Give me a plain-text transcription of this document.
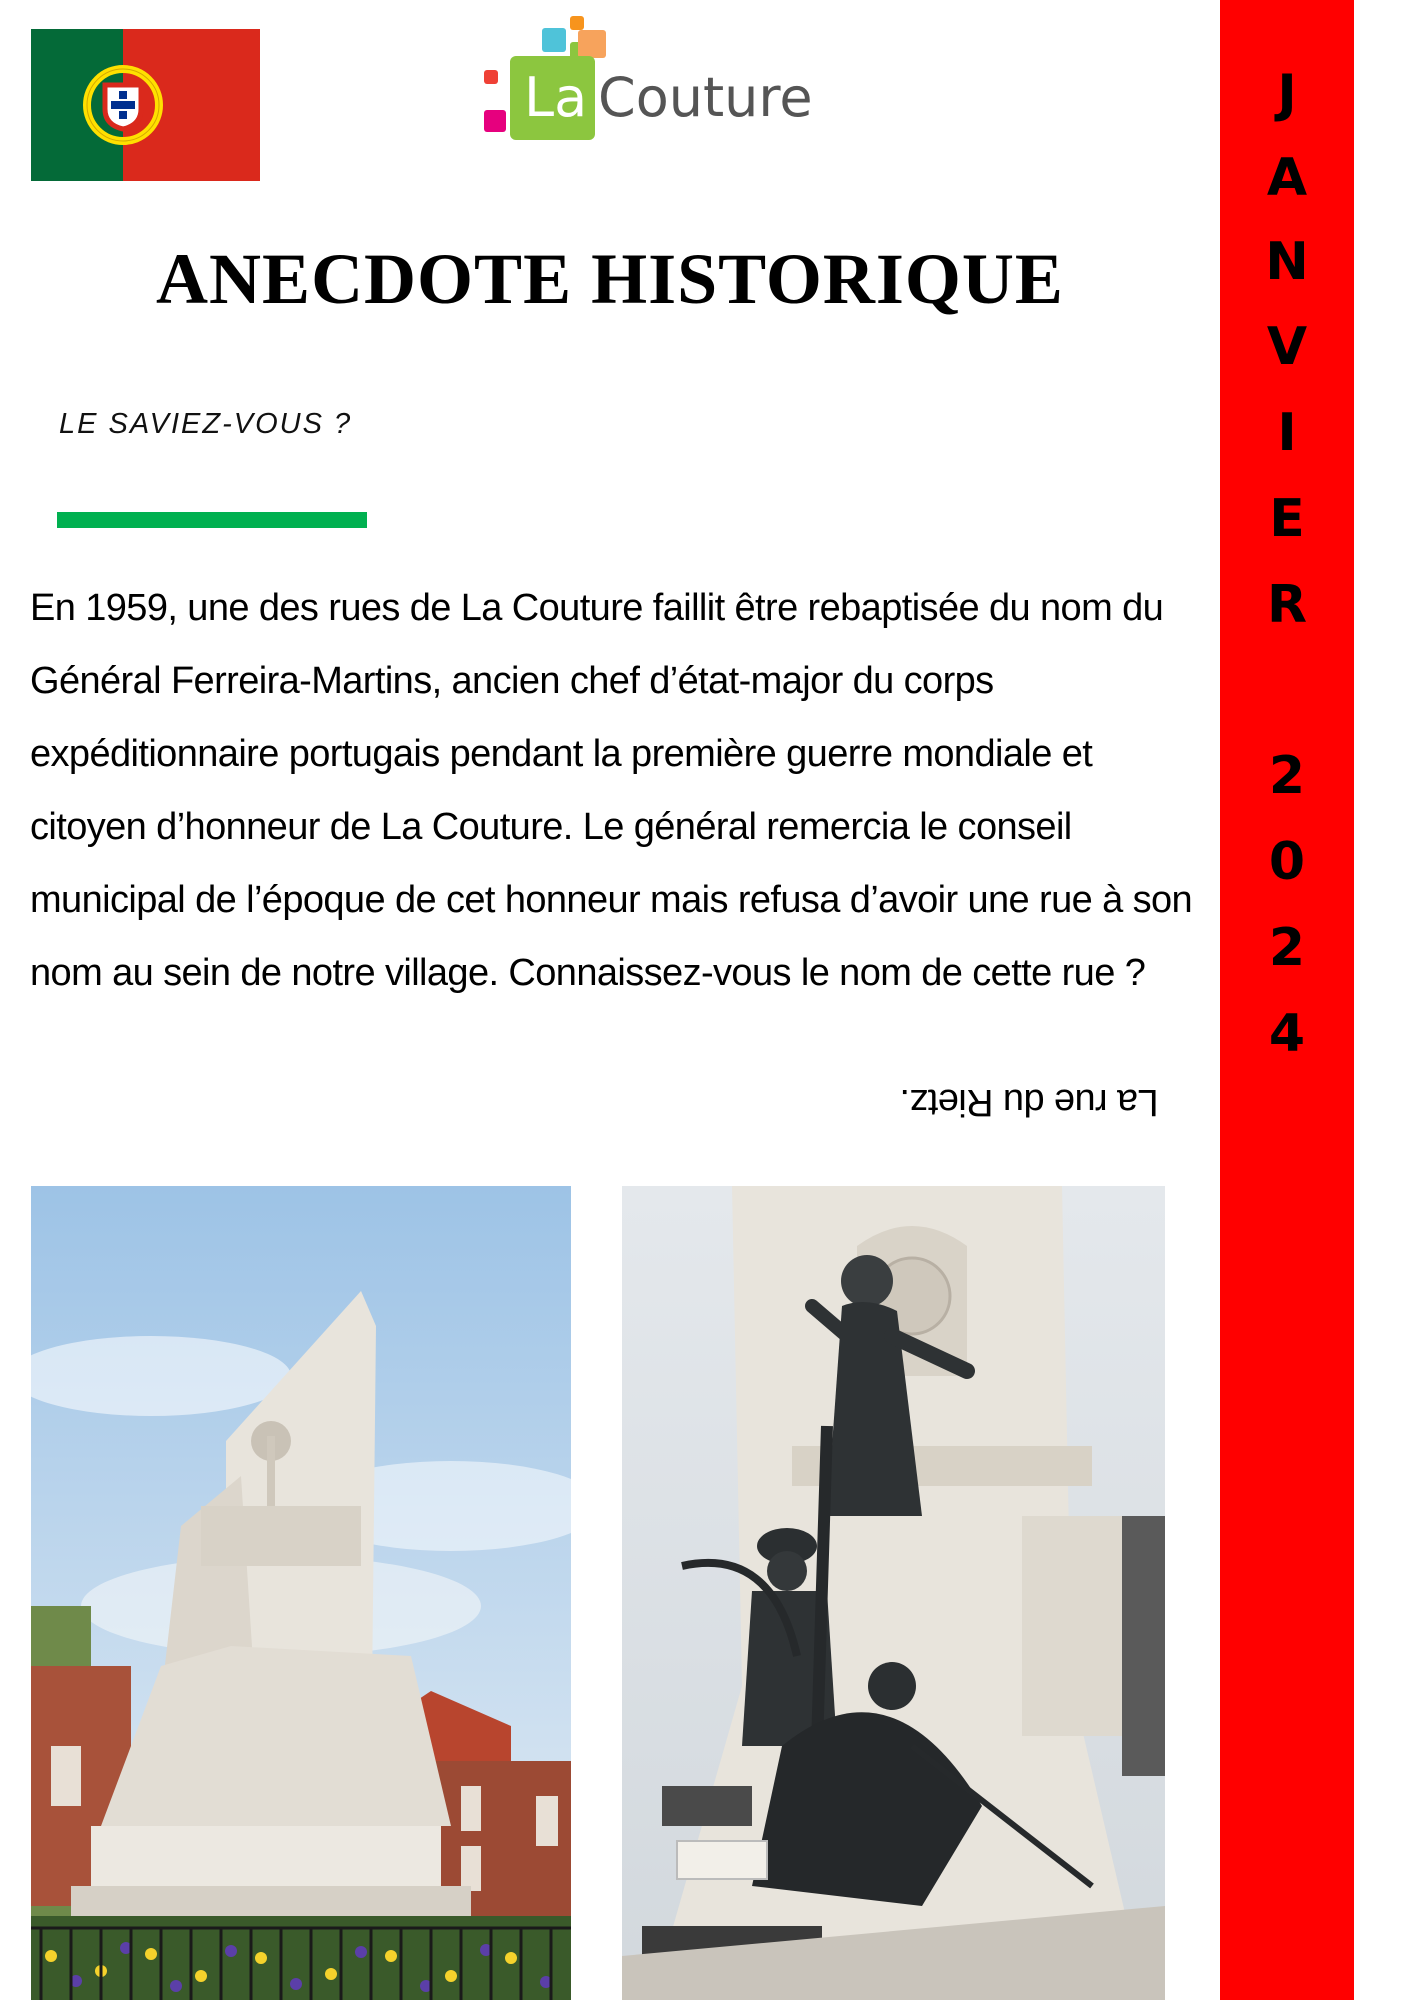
La Couture
ANECDOTE HISTORIQUE

LE SAVIEZ-VOUS ?

En 1959, une des rues de La Couture faillit être rebaptisée du nom du Général Ferreira-Martins, ancien chef d’état-major du corps expéditionnaire portugais pendant la première guerre mondiale et citoyen d’honneur de La Couture. Le général remercia le conseil municipal de l’époque de cet honneur mais refusa d’avoir une rue à son nom au sein de notre village. Connaissez-vous le nom de cette rue ?

La rue du Rietz.

J
A
N
V
I
E
R
2
0
2
4
